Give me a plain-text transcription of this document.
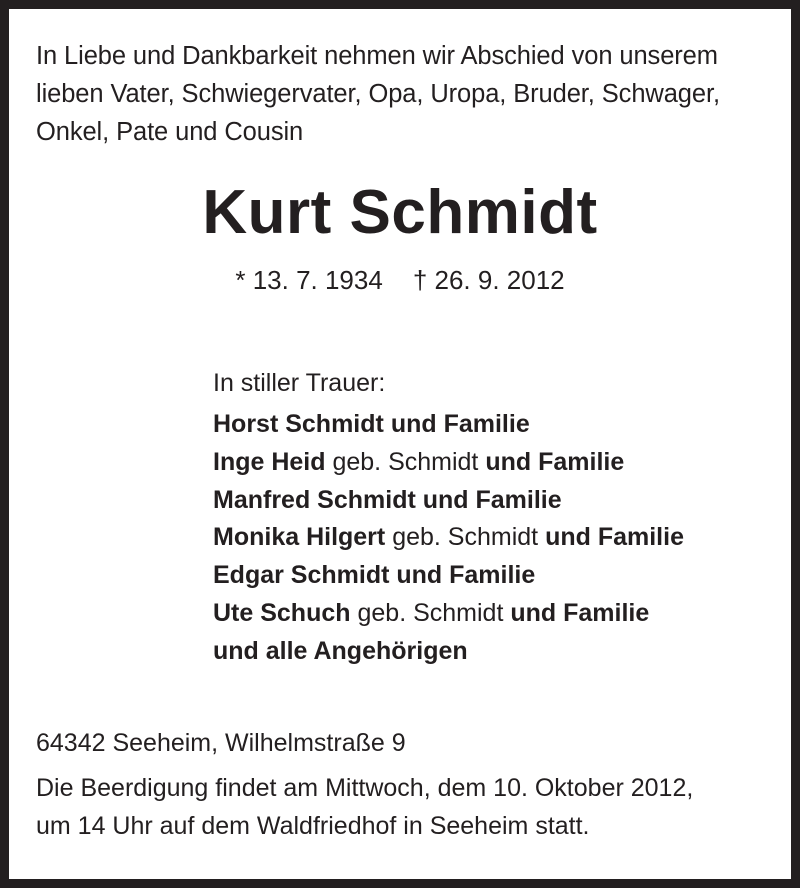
In Liebe und Dankbarkeit nehmen wir Abschied von unserem
lieben Vater, Schwiegervater, Opa, Uropa, Bruder, Schwager,
Onkel, Pate und Cousin
Kurt Schmidt
* 13. 7. 1934 † 26. 9. 2012
In stiller Trauer:
Horst Schmidt und Familie
Inge Heid geb. Schmidt und Familie
Manfred Schmidt und Familie
Monika Hilgert geb. Schmidt und Familie
Edgar Schmidt und Familie
Ute Schuch geb. Schmidt und Familie
und alle Angehörigen
64342 Seeheim, Wilhelmstraße 9
Die Beerdigung findet am Mittwoch, dem 10. Oktober 2012,
um 14 Uhr auf dem Waldfriedhof in Seeheim statt.
